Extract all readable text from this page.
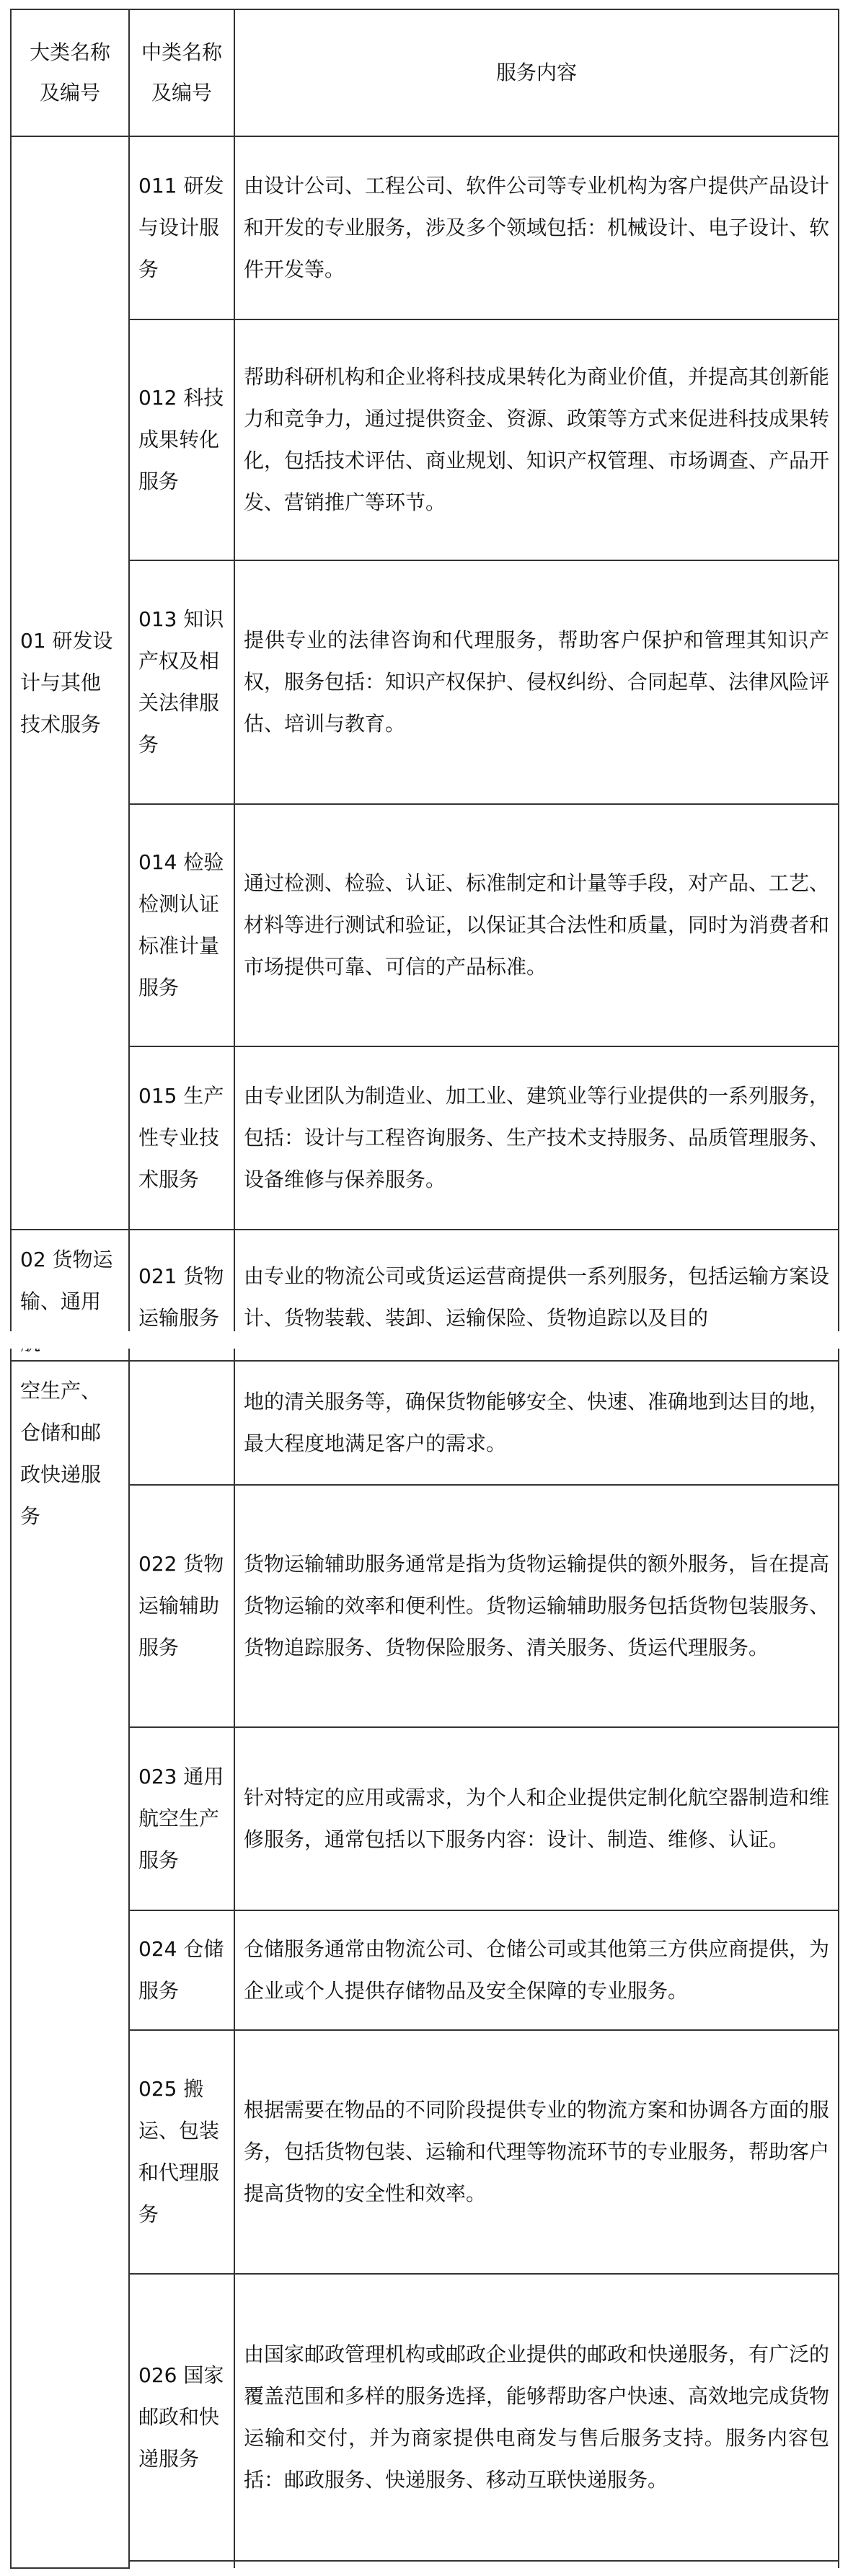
大类名称及编号	中类名称及编号	服务内容
01 研发设计与其他技术服务	011 研发与设计服务	由设计公司、工程公司、软件公司等专业机构为客户提供产品设计和开发的专业服务，涉及多个领域包括：机械设计、电子设计、软件开发等。
	012 科技成果转化服务	帮助科研机构和企业将科技成果转化为商业价值，并提高其创新能力和竞争力，通过提供资金、资源、政策等方式来促进科技成果转化，包括技术评估、商业规划、知识产权管理、市场调查、产品开发、营销推广等环节。
	013 知识产权及相关法律服务	提供专业的法律咨询和代理服务，帮助客户保护和管理其知识产权，服务包括：知识产权保护、侵权纠纷、合同起草、法律风险评估、培训与教育。
	014 检验检测认证标准计量服务	通过检测、检验、认证、标准制定和计量等手段，对产品、工艺、材料等进行测试和验证，以保证其合法性和质量，同时为消费者和市场提供可靠、可信的产品标准。
	015 生产性专业技术服务	由专业团队为制造业、加工业、建筑业等行业提供的一系列服务，包括：设计与工程咨询服务、生产技术支持服务、品质管理服务、设备维修与保养服务。
02 货物运输、通用	021 货物运输服务	由专业的物流公司或货运运营商提供一系列服务，包括运输方案设计、货物装载、装卸、运输保险、货物追踪以及目的
空生产、仓储和邮政快递服务		地的清关服务等，确保货物能够安全、快速、准确地到达目的地，最大程度地满足客户的需求。
	022 货物运输辅助服务	货物运输辅助服务通常是指为货物运输提供的额外服务，旨在提高货物运输的效率和便利性。货物运输辅助服务包括货物包装服务、货物追踪服务、货物保险服务、清关服务、货运代理服务。
	023 通用航空生产服务	针对特定的应用或需求，为个人和企业提供定制化航空器制造和维修服务，通常包括以下服务内容：设计、制造、维修、认证。
	024 仓储服务	仓储服务通常由物流公司、仓储公司或其他第三方供应商提供，为企业或个人提供存储物品及安全保障的专业服务。
	025 搬运、包装和代理服务	根据需要在物品的不同阶段提供专业的物流方案和协调各方面的服务，包括货物包装、运输和代理等物流环节的专业服务，帮助客户提高货物的安全性和效率。
	026 国家邮政和快递服务	由国家邮政管理机构或邮政企业提供的邮政和快递服务，有广泛的覆盖范围和多样的服务选择，能够帮助客户快速、高效地完成货物运输和交付，并为商家提供电商发与售后服务支持。服务内容包括：邮政服务、快递服务、移动互联快递服务。
